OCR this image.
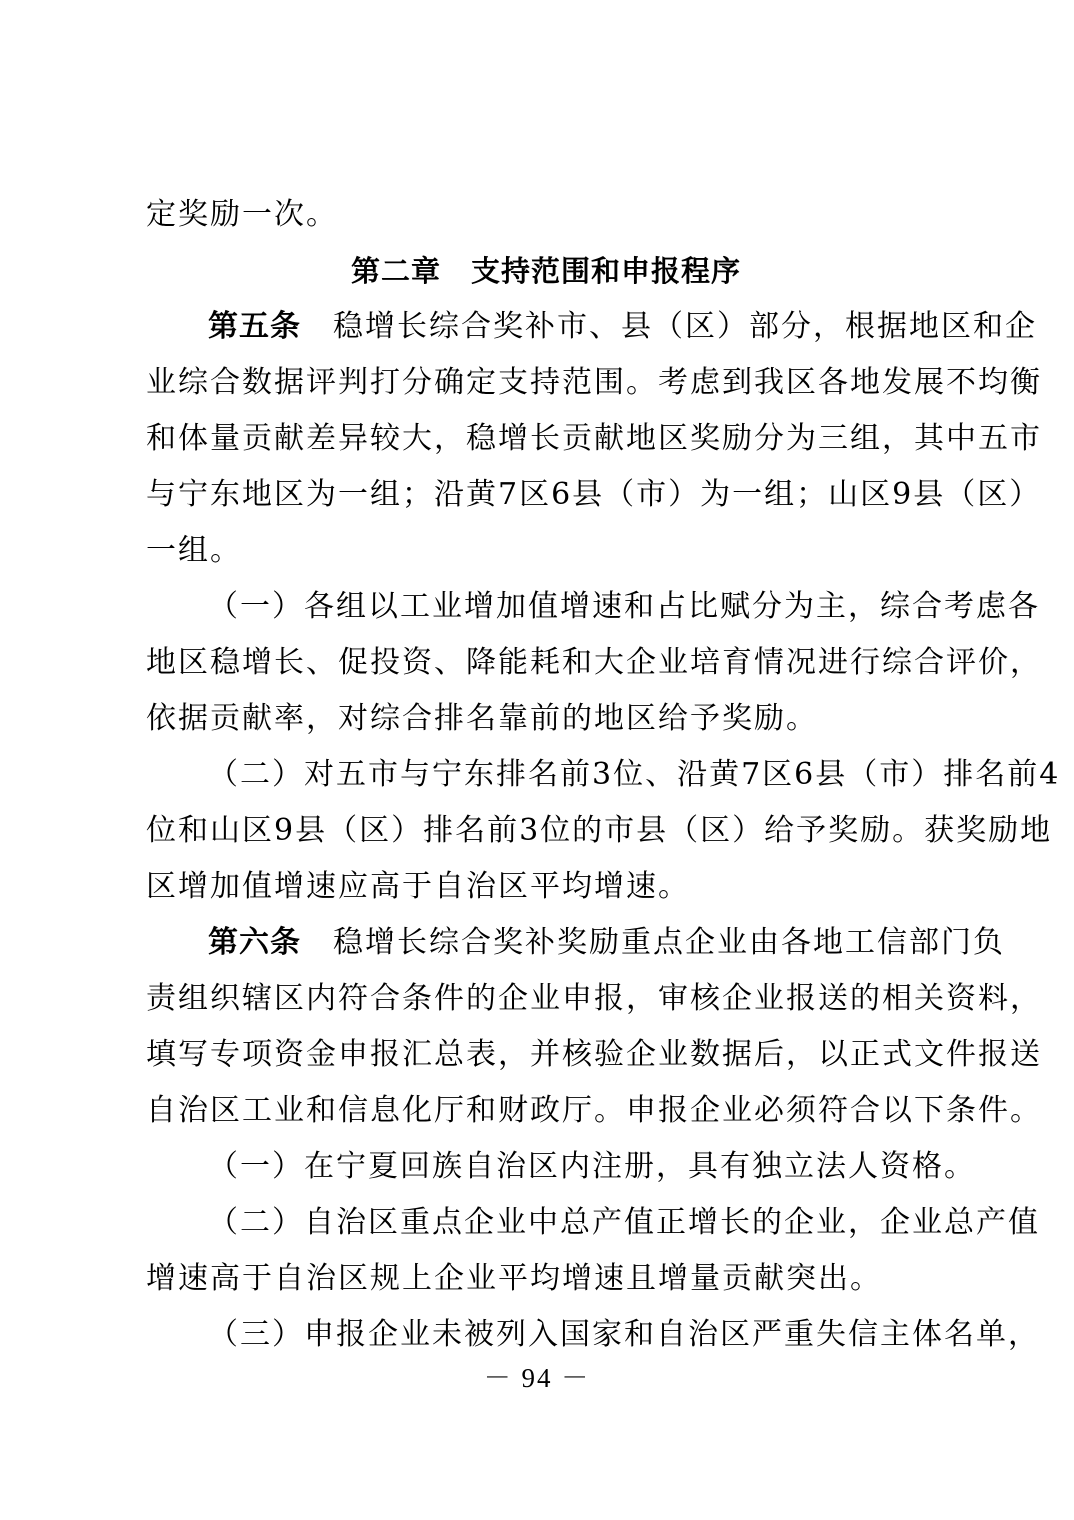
定奖励一次。
第二章　支持范围和申报程序
第五条　稳增长综合奖补市、县（区）部分，根据地区和企
业综合数据评判打分确定支持范围。考虑到我区各地发展不均衡
和体量贡献差异较大，稳增长贡献地区奖励分为三组，其中五市
与宁东地区为一组；沿黄7区6县（市）为一组；山区9县（区）
一组。
（一）各组以工业增加值增速和占比赋分为主，综合考虑各
地区稳增长、促投资、降能耗和大企业培育情况进行综合评价，
依据贡献率，对综合排名靠前的地区给予奖励。
（二）对五市与宁东排名前3位、沿黄7区6县（市）排名前4
位和山区9县（区）排名前3位的市县（区）给予奖励。获奖励地
区增加值增速应高于自治区平均增速。
第六条　稳增长综合奖补奖励重点企业由各地工信部门负
责组织辖区内符合条件的企业申报，审核企业报送的相关资料，
填写专项资金申报汇总表，并核验企业数据后，以正式文件报送
自治区工业和信息化厅和财政厅。申报企业必须符合以下条件。
（一）在宁夏回族自治区内注册，具有独立法人资格。
（二）自治区重点企业中总产值正增长的企业，企业总产值
增速高于自治区规上企业平均增速且增量贡献突出。
（三）申报企业未被列入国家和自治区严重失信主体名单，
－ 94 －
